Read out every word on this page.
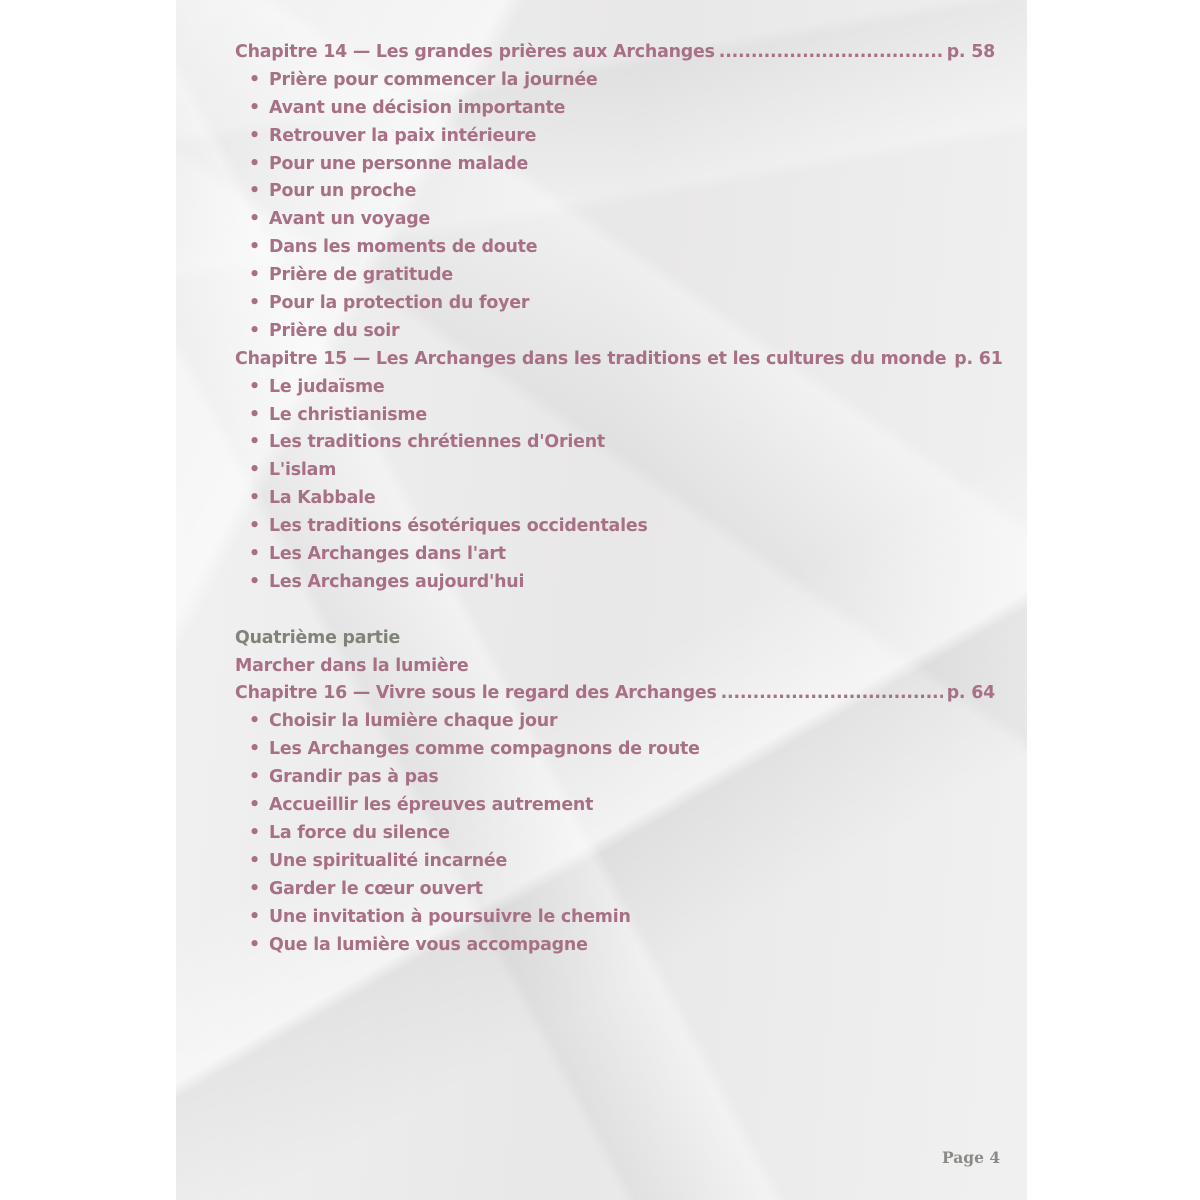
Chapitre 14 — Les grandes prières aux Archanges .....	p. 58
• Prière pour commencer la journée
• Avant une décision importante
• Retrouver la paix intérieure
• Pour une personne malade
• Pour un proche
• Avant un voyage
• Dans les moments de doute
• Prière de gratitude
• Pour la protection du foyer
• Prière du soir
Chapitre 15 — Les Archanges dans les traditions et les cultures du monde p. 61
• Le judaïsme
• Le christianisme
• Les traditions chrétiennes d'Orient
• L'islam
• La Kabbale
• Les traditions ésotériques occidentales
• Les Archanges dans l'art
• Les Archanges aujourd'hui
Quatrième partie
Marcher dans la lumière
Chapitre 16 — Vivre sous le regard des Archanges .....	p. 64
• Choisir la lumière chaque jour
• Les Archanges comme compagnons de route
• Grandir pas à pas
• Accueillir les épreuves autrement
• La force du silence
• Une spiritualité incarnée
• Garder le cœur ouvert
• Une invitation à poursuivre le chemin
• Que la lumière vous accompagne
Page 4
